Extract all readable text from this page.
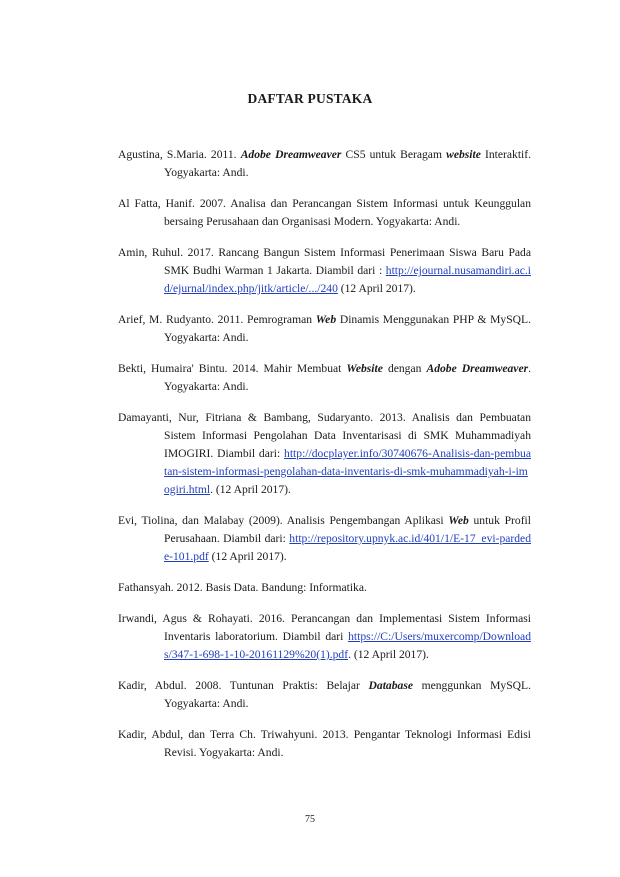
DAFTAR PUSTAKA

Agustina, S.Maria. 2011. Adobe Dreamweaver CS5 untuk Beragam website Interaktif. Yogyakarta: Andi.

Al Fatta, Hanif. 2007. Analisa dan Perancangan Sistem Informasi untuk Keunggulan bersaing Perusahaan dan Organisasi Modern. Yogyakarta: Andi.

Amin, Ruhul. 2017. Rancang Bangun Sistem Informasi Penerimaan Siswa Baru Pada SMK Budhi Warman 1 Jakarta. Diambil dari : http://ejournal.nusamandiri.ac.id/ejurnal/index.php/jitk/article/.../240 (12 April 2017).

Arief, M. Rudyanto. 2011. Pemrograman Web Dinamis Menggunakan PHP & MySQL. Yogyakarta: Andi.

Bekti, Humaira' Bintu. 2014. Mahir Membuat Website dengan Adobe Dreamweaver. Yogyakarta: Andi.

Damayanti, Nur, Fitriana & Bambang, Sudaryanto. 2013. Analisis dan Pembuatan Sistem Informasi Pengolahan Data Inventarisasi di SMK Muhammadiyah IMOGIRI. Diambil dari: http://docplayer.info/30740676-Analisis-dan-pembuatan-sistem-informasi-pengolahan-data-inventaris-di-smk-muhammadiyah-i-imogiri.html. (12 April 2017).

Evi, Tiolina, dan Malabay (2009). Analisis Pengembangan Aplikasi Web untuk Profil Perusahaan. Diambil dari: http://repository.upnyk.ac.id/401/1/E-17_evi-pardede-101.pdf (12 April 2017).

Fathansyah. 2012. Basis Data. Bandung: Informatika.

Irwandi, Agus & Rohayati. 2016. Perancangan dan Implementasi Sistem Informasi Inventaris laboratorium. Diambil dari https://C:/Users/muxercomp/Downloads/347-1-698-1-10-20161129%20(1).pdf. (12 April 2017).

Kadir, Abdul. 2008. Tuntunan Praktis: Belajar Database menggunkan MySQL. Yogyakarta: Andi.

Kadir, Abdul, dan Terra Ch. Triwahyuni. 2013. Pengantar Teknologi Informasi Edisi Revisi. Yogyakarta: Andi.

75
